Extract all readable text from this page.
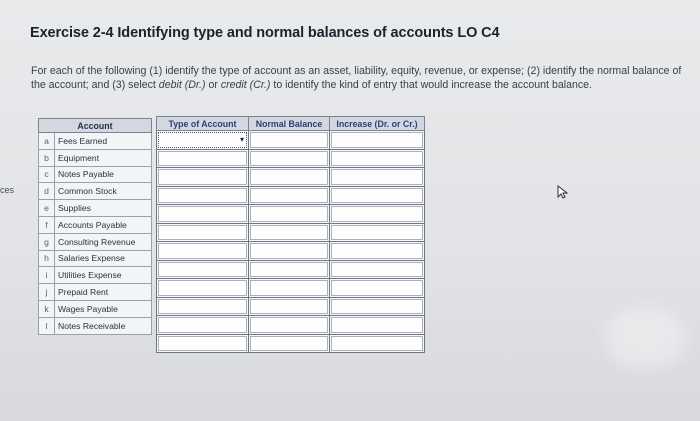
Exercise 2-4 Identifying type and normal balances of accounts LO C4
For each of the following (1) identify the type of account as an asset, liability, equity, revenue, or expense; (2) identify the normal balance of the account; and (3) select debit (Dr.) or credit (Cr.) to identify the kind of entry that would increase the account balance.
ces
Account	
a	Fees Earned
b	Equipment
c	Notes Payable
d	Common Stock
e	Supplies
f	Accounts Payable
g	Consulting Revenue
h	Salaries Expense
i	Utilities Expense
j	Prepaid Rent
k	Wages Payable
l	Notes Receivable
Type of Account	Normal Balance	Increase (Dr. or Cr.)

▾		
